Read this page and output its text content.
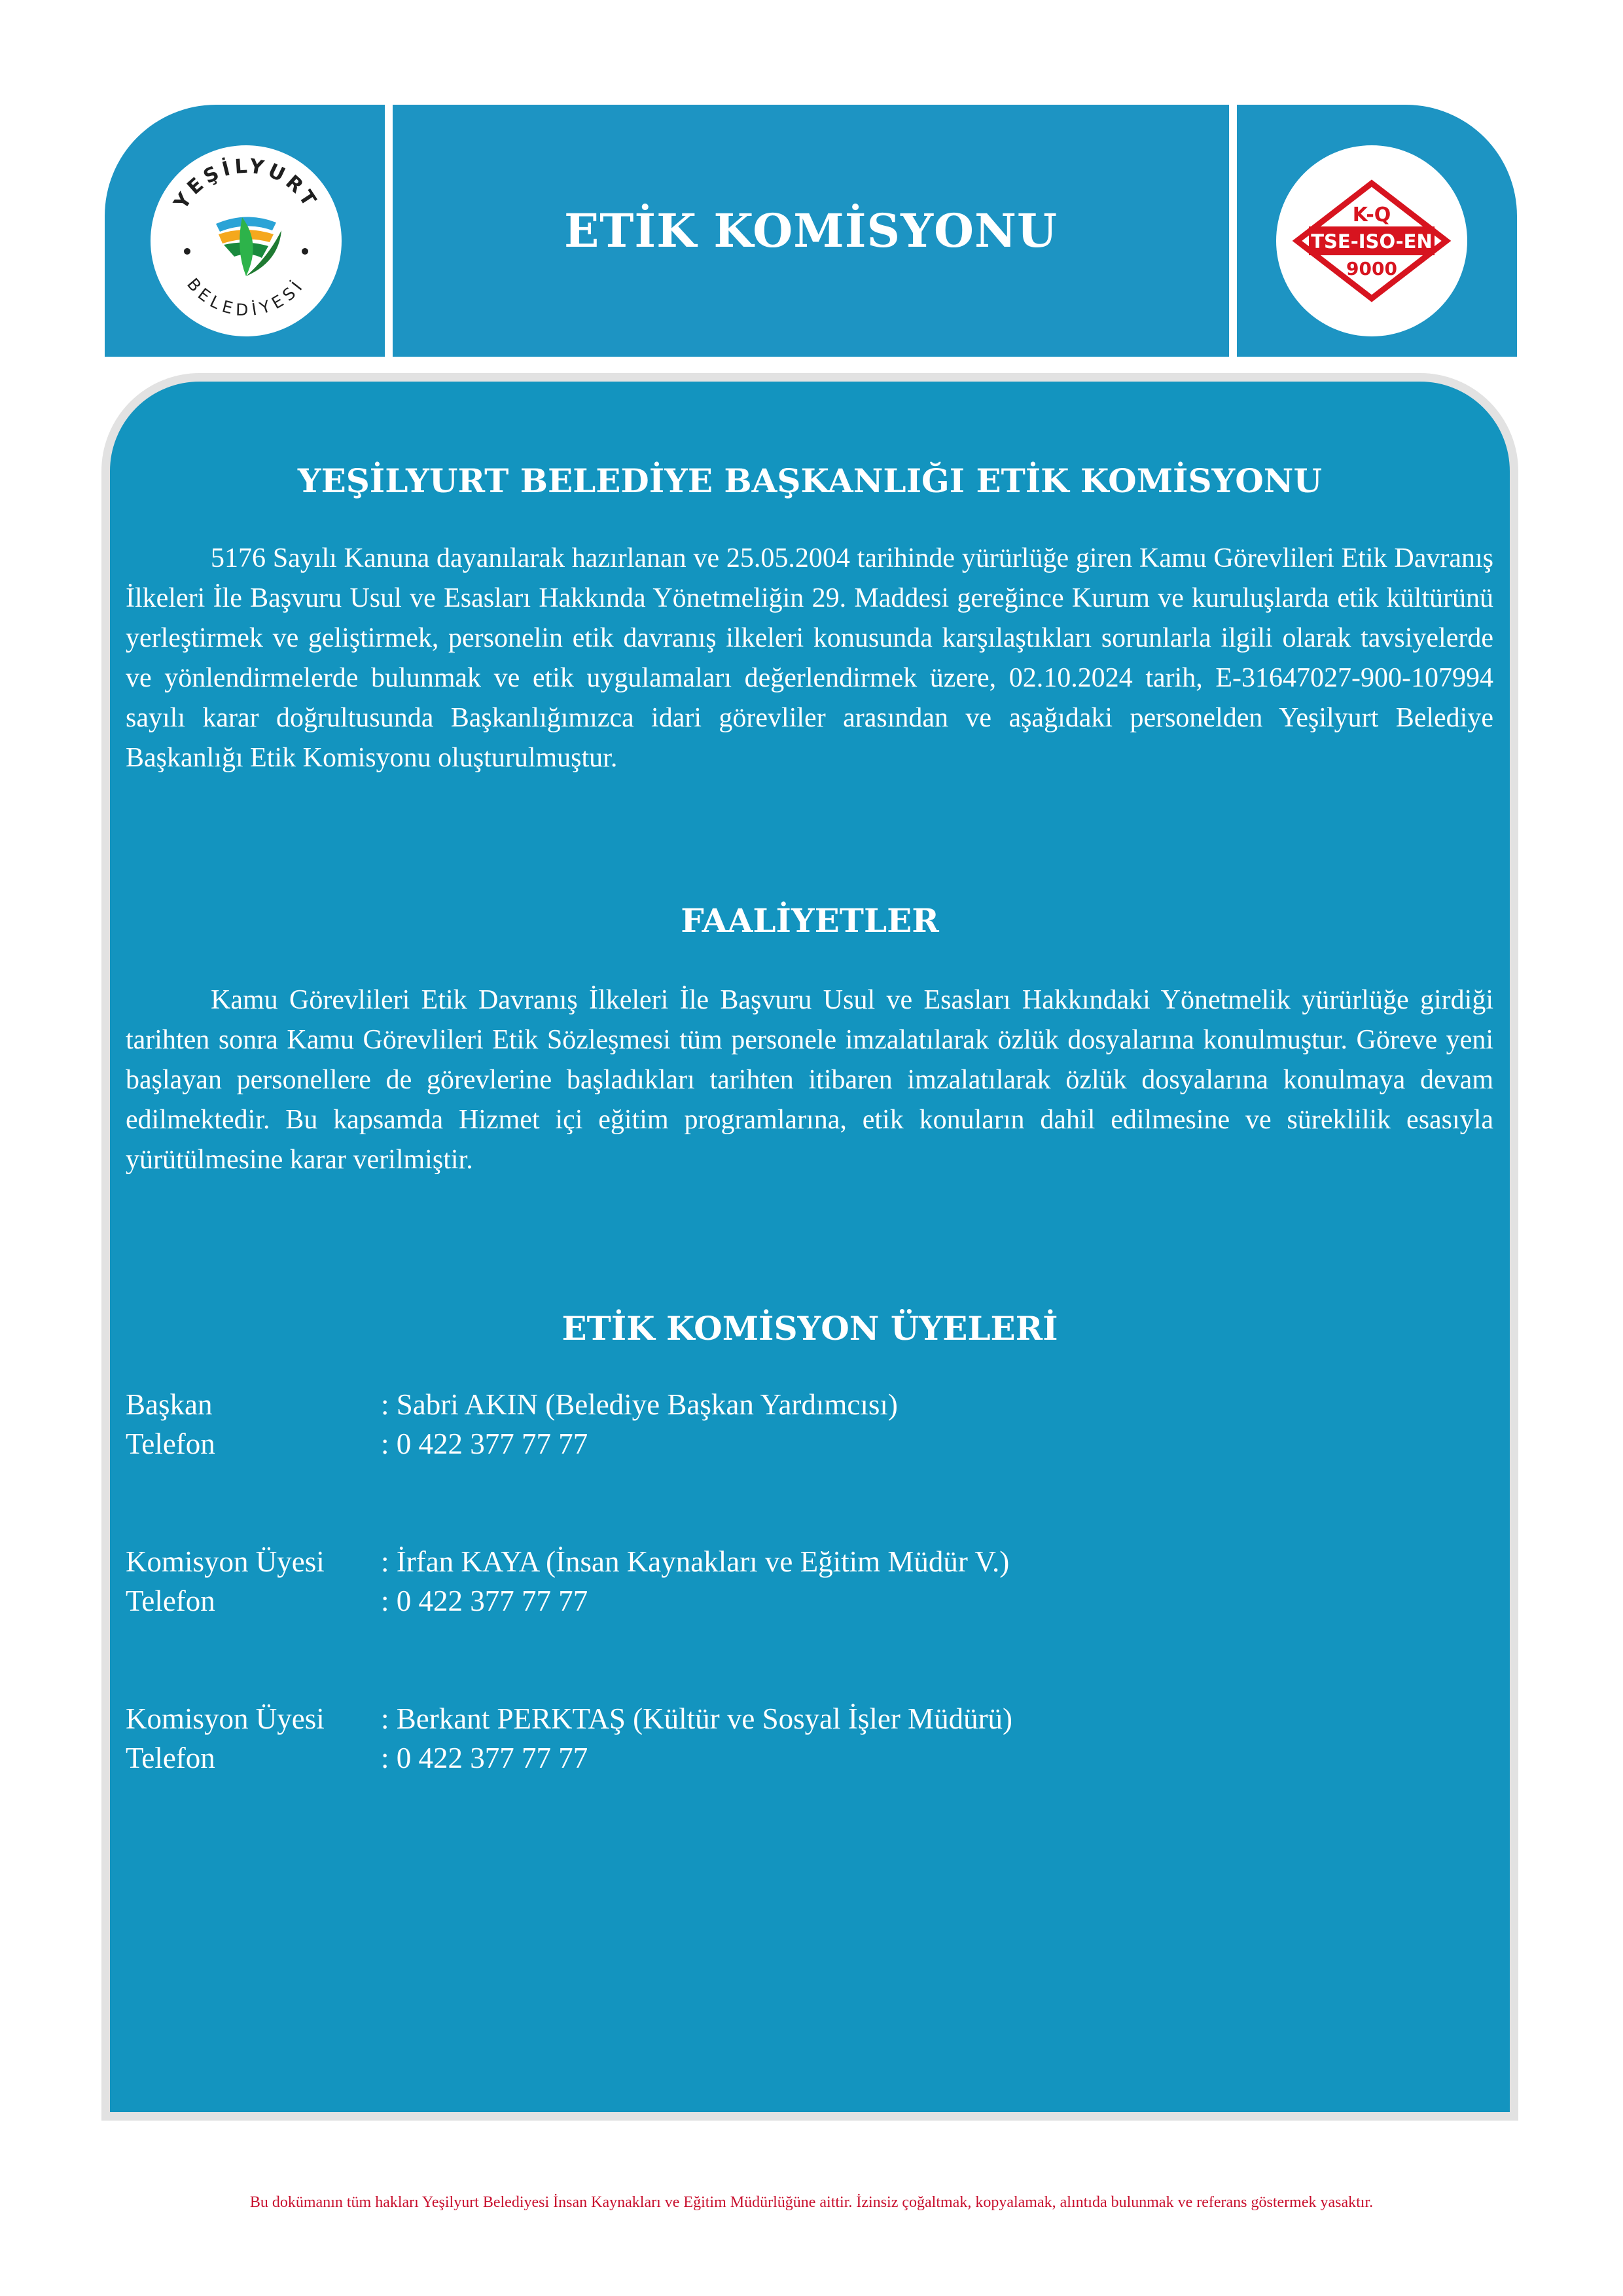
YEŞİLYURT
BELEDİYESİ
K-Q
TSE-ISO-EN
9000
ETİK KOMİSYONU
YEŞİLYURT BELEDİYE BAŞKANLIĞI ETİK KOMİSYONU
5176 Sayılı Kanuna dayanılarak hazırlanan ve 25.05.2004 tarihinde yürürlüğe giren Kamu Görevlileri Etik Davranış İlkeleri İle Başvuru Usul ve Esasları Hakkında Yönetmeliğin 29. Maddesi gereğince Kurum ve kuruluşlarda etik kültürünü yerleştirmek ve geliştirmek, personelin etik davranış ilkeleri konusunda karşılaştıkları sorunlarla ilgili olarak tavsiyelerde ve yönlendirmelerde bulunmak ve etik uygulamaları değerlendirmek üzere, 02.10.2024 tarih, E-31647027-900-107994 sayılı karar doğrultusunda Başkanlığımızca idari görevliler arasından ve aşağıdaki personelden Yeşilyurt Belediye Başkanlığı Etik Komisyonu oluşturulmuştur.
FAALİYETLER
Kamu Görevlileri Etik Davranış İlkeleri İle Başvuru Usul ve Esasları Hakkındaki Yönetmelik yürürlüğe girdiği tarihten sonra Kamu Görevlileri Etik Sözleşmesi tüm personele imzalatılarak özlük dosyalarına konulmuştur. Göreve yeni başlayan personellere de görevlerine başladıkları tarihten itibaren imzalatılarak özlük dosyalarına konulmaya devam edilmektedir. Bu kapsamda Hizmet içi eğitim programlarına, etik konuların dahil edilmesine ve süreklilik esasıyla yürütülmesine karar verilmiştir.
ETİK KOMİSYON ÜYELERİ
Başkan	: Sabri AKIN (Belediye Başkan Yardımcısı)
Telefon	: 0 422 377 77 77
Komisyon Üyesi : İrfan KAYA (İnsan Kaynakları ve Eğitim Müdür V.)
Telefon	: 0 422 377 77 77
Komisyon Üyesi : Berkant PERKTAŞ (Kültür ve Sosyal İşler Müdürü)
Telefon	: 0 422 377 77 77
Bu dokümanın tüm hakları Yeşilyurt Belediyesi İnsan Kaynakları ve Eğitim Müdürlüğüne aittir. İzinsiz çoğaltmak, kopyalamak, alıntıda bulunmak ve referans göstermek yasaktır.
